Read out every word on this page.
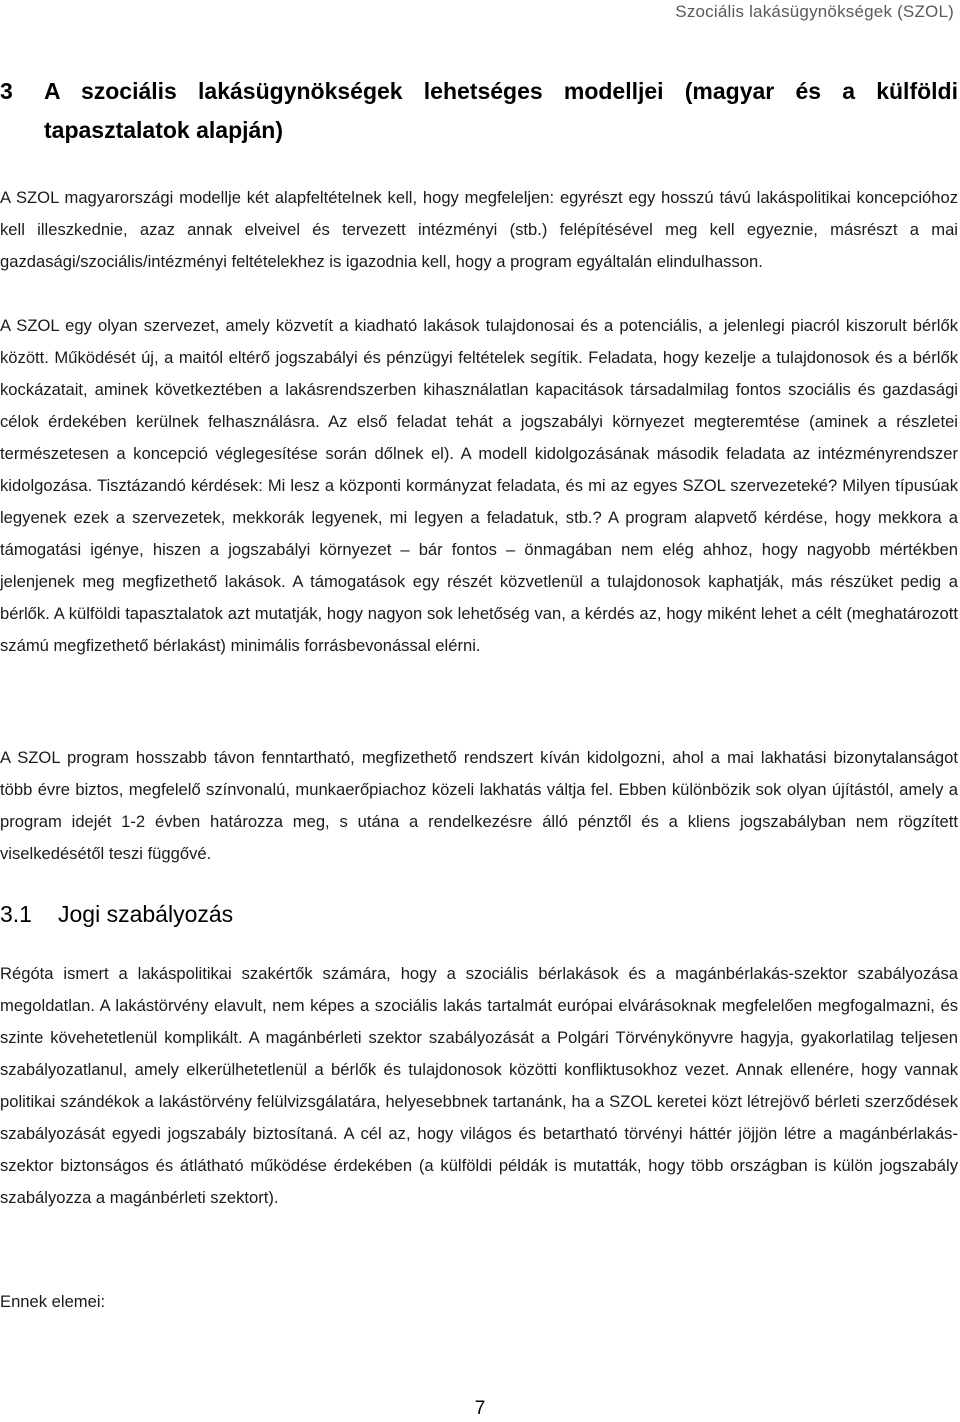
Szociális lakásügynökségek (SZOL)
3 A szociális lakásügynökségek lehetséges modelljei (magyar és a külföldi tapasztalatok alapján)

A SZOL magyarországi modellje két alapfeltételnek kell, hogy megfeleljen: egyrészt egy hosszú távú lakáspolitikai koncepcióhoz kell illeszkednie, azaz annak elveivel és tervezett intézményi (stb.) felépítésével meg kell egyeznie, másrészt a mai gazdasági/szociális/intézményi feltételekhez is igazodnia kell, hogy a program egyáltalán elindulhasson.

A SZOL egy olyan szervezet, amely közvetít a kiadható lakások tulajdonosai és a potenciális, a jelenlegi piacról kiszorult bérlők között. Működését új, a maitól eltérő jogszabályi és pénzügyi feltételek segítik. Feladata, hogy kezelje a tulajdonosok és a bérlők kockázatait, aminek következtében a lakásrendszerben kihasználatlan kapacitások társadalmilag fontos szociális és gazdasági célok érdekében kerülnek felhasználásra. Az első feladat tehát a jogszabályi környezet megteremtése (aminek a részletei természetesen a koncepció véglegesítése során dőlnek el). A modell kidolgozásának második feladata az intézményrendszer kidolgozása. Tisztázandó kérdések: Mi lesz a központi kormányzat feladata, és mi az egyes SZOL szervezeteké? Milyen típusúak legyenek ezek a szervezetek, mekkorák legyenek, mi legyen a feladatuk, stb.? A program alapvető kérdése, hogy mekkora a támogatási igénye, hiszen a jogszabályi környezet – bár fontos – önmagában nem elég ahhoz, hogy nagyobb mértékben jelenjenek meg megfizethető lakások. A támogatások egy részét közvetlenül a tulajdonosok kaphatják, más részüket pedig a bérlők. A külföldi tapasztalatok azt mutatják, hogy nagyon sok lehetőség van, a kérdés az, hogy miként lehet a célt (meghatározott számú megfizethető bérlakást) minimális forrásbevonással elérni.

A SZOL program hosszabb távon fenntartható, megfizethető rendszert kíván kidolgozni, ahol a mai lakhatási bizonytalanságot több évre biztos, megfelelő színvonalú, munkaerőpiachoz közeli lakhatás váltja fel. Ebben különbözik sok olyan újítástól, amely a program idejét 1-2 évben határozza meg, s utána a rendelkezésre álló pénztől és a kliens jogszabályban nem rögzített viselkedésétől teszi függővé.

3.1 Jogi szabályozás

Régóta ismert a lakáspolitikai szakértők számára, hogy a szociális bérlakások és a magánbérlakás-szektor szabályozása megoldatlan. A lakástörvény elavult, nem képes a szociális lakás tartalmát európai elvárásoknak megfelelően megfogalmazni, és szinte kövehetetlenül komplikált. A magánbérleti szektor szabályozását a Polgári Törvénykönyvre hagyja, gyakorlatilag teljesen szabályozatlanul, amely elkerülhetetlenül a bérlők és tulajdonosok közötti konfliktusokhoz vezet. Annak ellenére, hogy vannak politikai szándékok a lakástörvény felülvizsgálatára, helyesebbnek tartanánk, ha a SZOL keretei közt létrejövő bérleti szerződések szabályozását egyedi jogszabály biztosítaná. A cél az, hogy világos és betartható törvényi háttér jöjjön létre a magánbérlakás-szektor biztonságos és átlátható működése érdekében (a külföldi példák is mutatták, hogy több országban is külön jogszabály szabályozza a magánbérleti szektort).

Ennek elemei:

7
